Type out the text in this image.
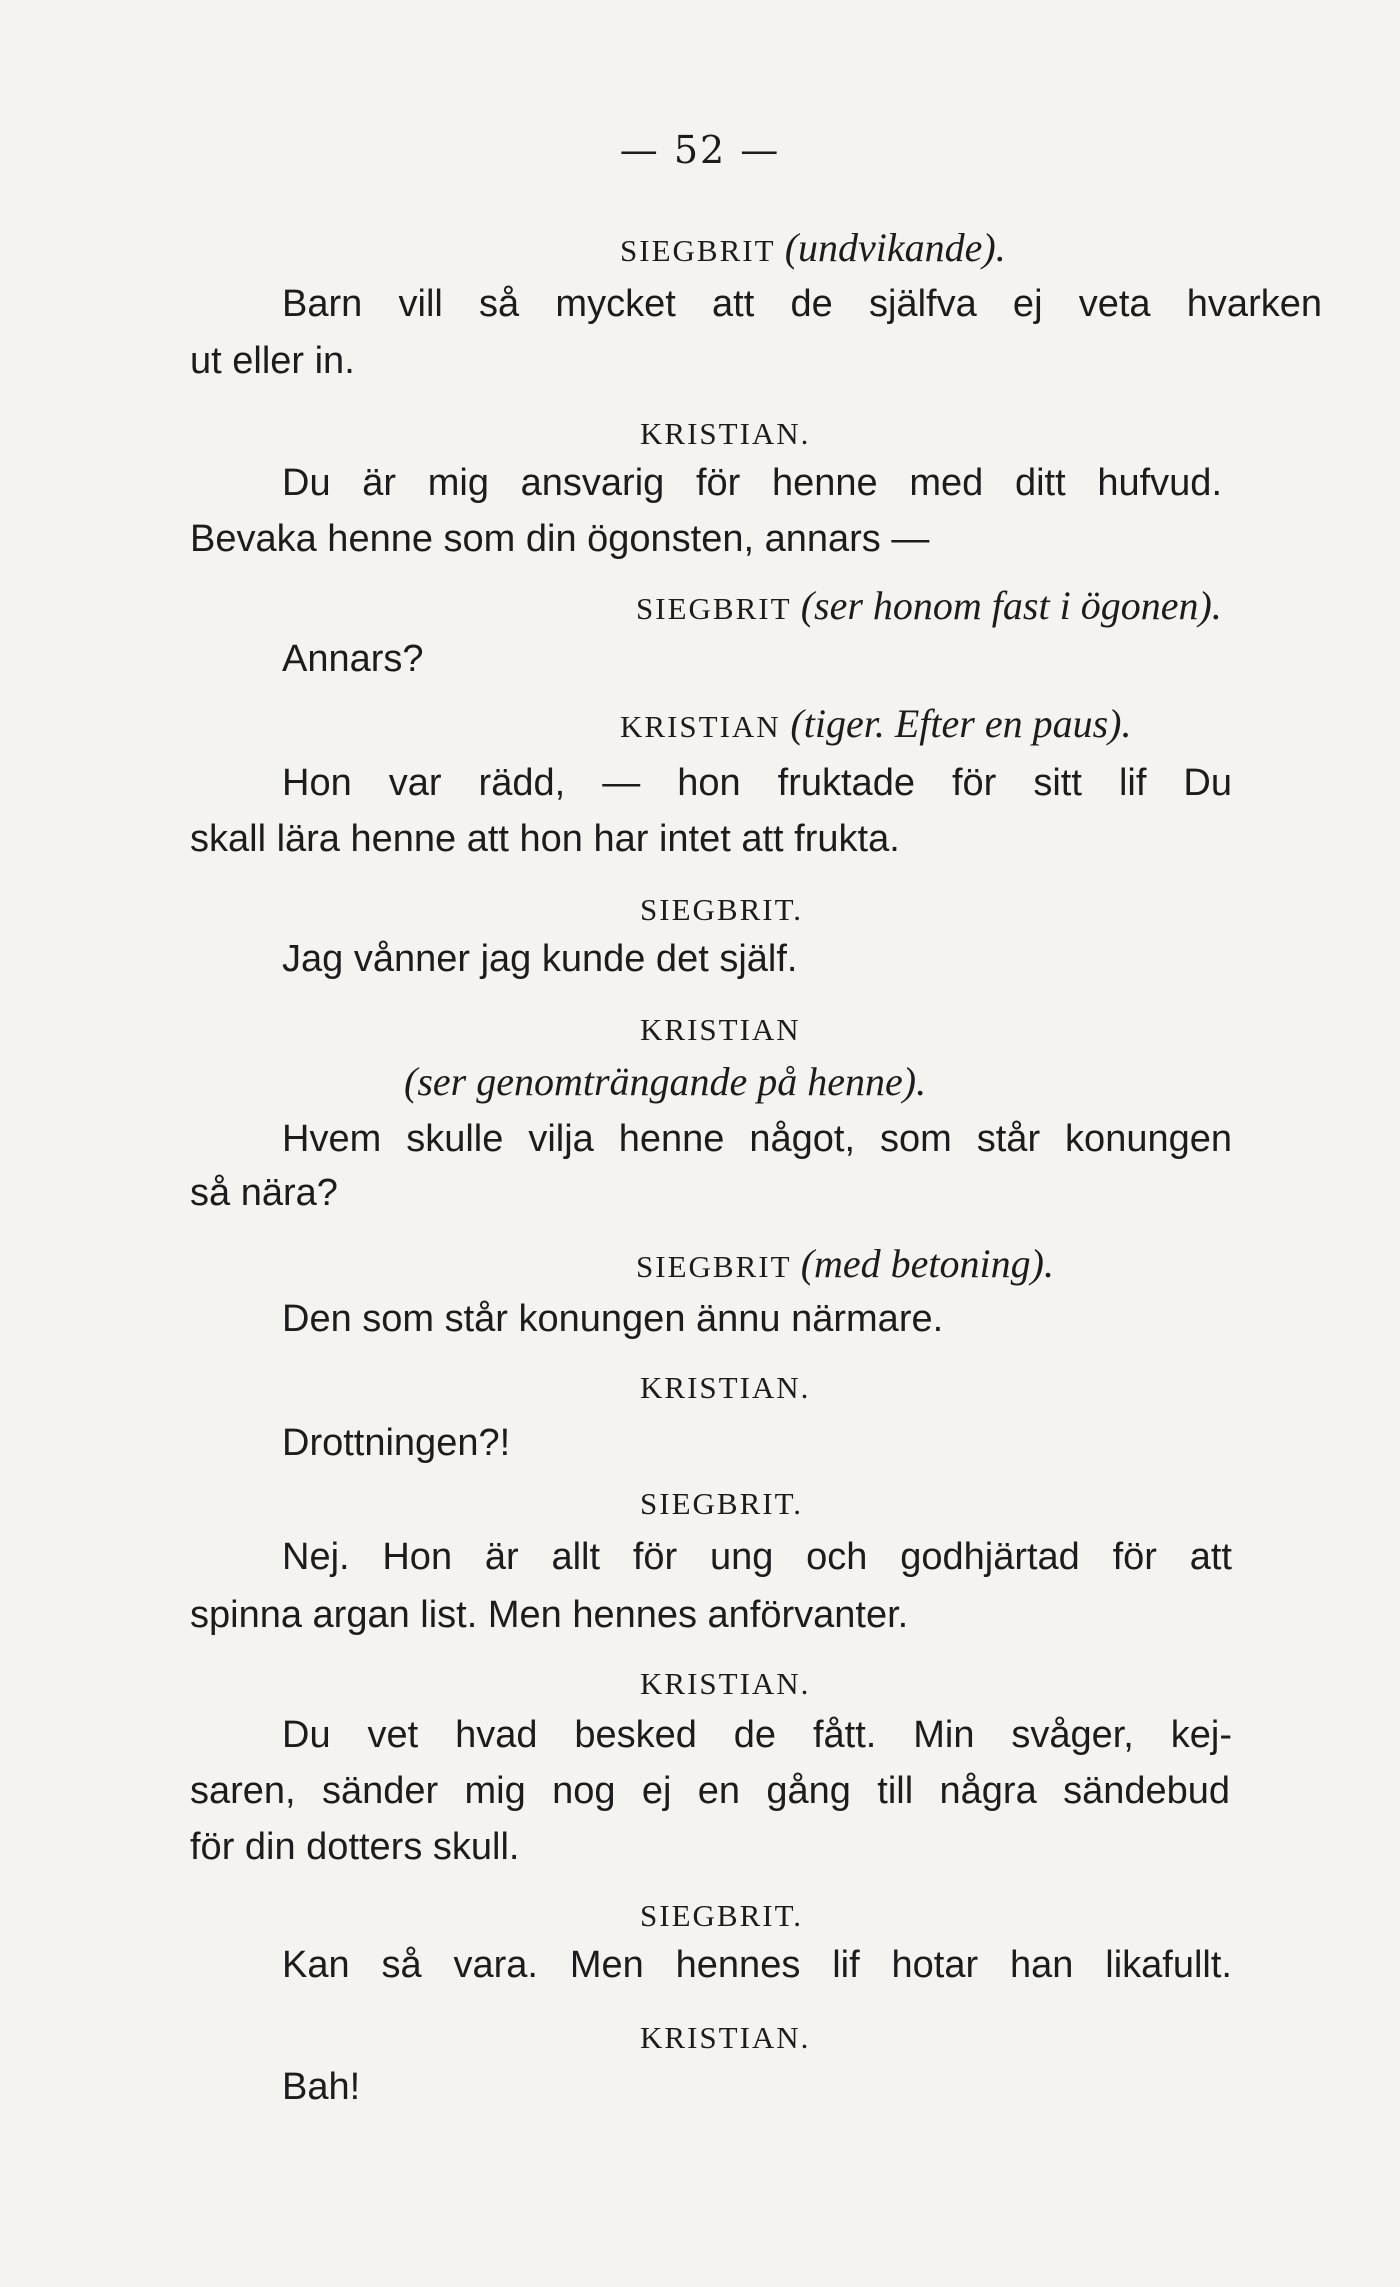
— 52 —
SIEGBRIT (undvikande).
Barn vill så mycket att de själfva ej veta hvarken
ut eller in.
KRISTIAN.
Du är mig ansvarig för henne med ditt hufvud.
Bevaka henne som din ögonsten, annars —
SIEGBRIT (ser honom fast i ögonen).
Annars?
KRISTIAN (tiger. Efter en paus).
Hon var rädd, — hon fruktade för sitt lif Du
skall lära henne att hon har intet att frukta.
SIEGBRIT.
Jag vånner jag kunde det själf.
KRISTIAN
(ser genomträngande på henne).
Hvem skulle vilja henne något, som står konungen
så nära?
SIEGBRIT (med betoning).
Den som står konungen ännu närmare.
KRISTIAN.
Drottningen?!
SIEGBRIT.
Nej. Hon är allt för ung och godhjärtad för att
spinna argan list. Men hennes anförvanter.
KRISTIAN.
Du vet hvad besked de fått. Min svåger, kej-
saren, sänder mig nog ej en gång till några sändebud
för din dotters skull.
SIEGBRIT.
Kan så vara. Men hennes lif hotar han likafullt.
KRISTIAN.
Bah!
